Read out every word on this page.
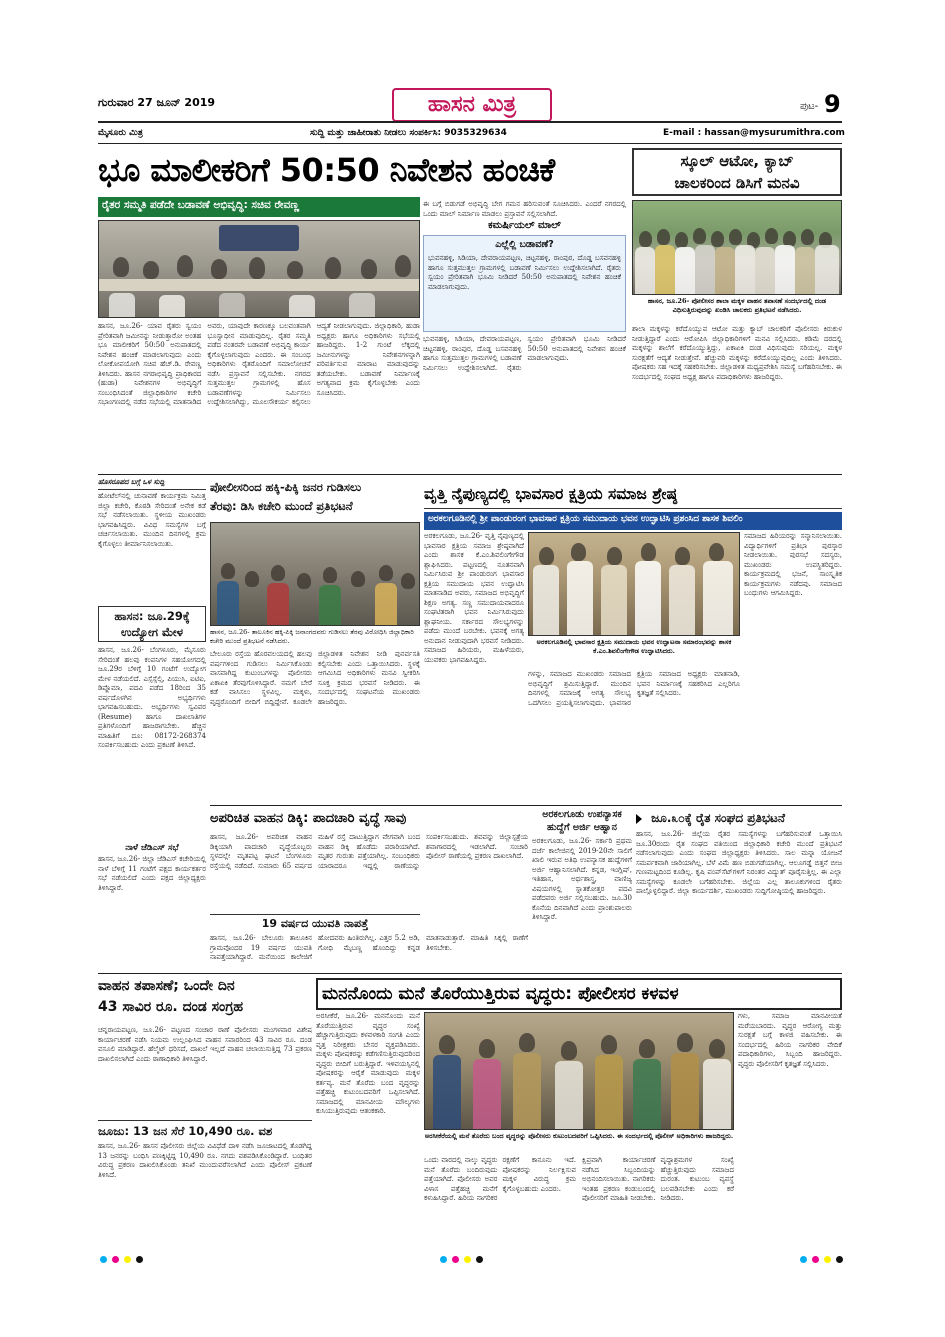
ಗುರುವಾರ 27 ಜೂನ್ 2019	ಹಾಸನ ಮಿತ್ರ	ಪುಟ- 9
ಮೈಸೂರು ಮಿತ್ರ	ಸುದ್ದಿ ಮತ್ತು ಜಾಹೀರಾತು ನೀಡಲು ಸಂಪರ್ಕಿಸಿ: 9035329634	E-mail : hassan@mysurumithra.com
ಭೂ ಮಾಲೀಕರಿಗೆ 50:50 ನಿವೇಶನ ಹಂಚಿಕೆ
ರೈತರ ಸಮ್ಮತಿ ಪಡೆದೇ ಬಡಾವಣೆ ಅಭಿವೃದ್ಧಿ: ಸಚಿವ ರೇವಣ್ಣ
ಹಾಸನ, ಜೂ.26- ಯಾವ ರೈತರು ಸ್ವಯಂ ಪ್ರೇರಿತವಾಗಿ ಜಮೀನನ್ನು ನೀಡುತ್ತಾರೋ ಅಂತಹ ಭೂ ಮಾಲೀಕರಿಗೆ 50:50 ಅನುಪಾತದಲ್ಲಿ ನಿವೇಶನ ಹಂಚಿಕೆ ಮಾಡಲಾಗುವುದು ಎಂದು ಲೋಕೋಪಯೋಗಿ ಸಚಿವ ಹೆಚ್.ಡಿ. ರೇವಣ್ಣ ತಿಳಿಸಿದರು. ಹಾಸನ ನಗರಾಭಿವೃದ್ಧಿ ಪ್ರಾಧಿಕಾರದ (ಹುಡಾ) ನಿವೇಶನಗಳ ಅಭಿವೃದ್ಧಿಗೆ ಸಂಬಂಧಿಸಿದಂತೆ ಜಿಲ್ಲಾಧಿಕಾರಿಗಳ ಕಚೇರಿ ಸಭಾಂಗಣದಲ್ಲಿ ನಡೆದ ಸಭೆಯಲ್ಲಿ ಮಾತನಾಡಿದ ಅವರು, ಯಾವುದೇ ಕಾರಣಕ್ಕೂ ಬಲವಂತವಾಗಿ ಭೂಸ್ವಾಧೀನ ಮಾಡುವುದಿಲ್ಲ. ರೈತರ ಸಮ್ಮತಿ ಪಡೆದ ನಂತರವೇ ಬಡಾವಣೆ ಅಭಿವೃದ್ಧಿ ಕಾರ್ಯ ಕೈಗೊಳ್ಳಲಾಗುವುದು ಎಂದರು. ಈ ಸಂಬಂಧ ಅಧಿಕಾರಿಗಳು ರೈತರೊಂದಿಗೆ ಸಮಾಲೋಚನೆ ನಡೆಸಿ ಪ್ರಸ್ತಾವನೆ ಸಲ್ಲಿಸಬೇಕು. ನಗರದ ಸುತ್ತಮುತ್ತಲ ಗ್ರಾಮಗಳಲ್ಲಿ ಹೊಸ ಬಡಾವಣೆಗಳನ್ನು ನಿರ್ಮಿಸಲು ಉದ್ದೇಶಿಸಲಾಗಿದ್ದು, ಮೂಲಸೌಕರ್ಯ ಕಲ್ಪಿಸಲು ಆದ್ಯತೆ ನೀಡಲಾಗುವುದು. ಜಿಲ್ಲಾಧಿಕಾರಿ, ಹುಡಾ ಅಧ್ಯಕ್ಷರು ಹಾಗೂ ಅಧಿಕಾರಿಗಳು ಸಭೆಯಲ್ಲಿ ಹಾಜರಿದ್ದರು. 1-2 ಗುಂಟೆ ಲೆಕ್ಕದಲ್ಲಿ ಜಮೀನುಗಳನ್ನು ನಿವೇಶನಗಳನ್ನಾಗಿ ಪರಿವರ್ತಿಸುವ ಮಾರಾಟ ಮಾಡುವುದನ್ನು ತಡೆಯಬೇಕು. ಬಡಾವಣೆ ನಿರ್ಮಾಣಕ್ಕೆ ಅಗತ್ಯವಾದ ಕ್ರಮ ಕೈಗೊಳ್ಳಬೇಕು ಎಂದು ಸೂಚಿಸಿದರು.
ಈ ಬಗ್ಗೆ ಬಿಡುಗಡೆ ಅಭಿವೃದ್ಧಿ ಬೇಗ ಗಮನ ಹರಿಸುವಂತೆ ಸೂಚಿಸಿದರು. ಎಂದರೆ ನಗರದಲ್ಲಿ ಒಂದು ಮಾಲ್ ನಿರ್ಮಾಣ ಮಾಡಲು ಪ್ರಸ್ತಾವನೆ ಸಲ್ಲಿಸಲಾಗಿದೆ.
ಕಮರ್ಷಿಯಲ್ ಮಾಲ್
ಎಲ್ಲೆಲ್ಲಿ ಬಡಾವಣೆ?
ಭುವನಹಳ್ಳಿ, ಸಿಡಿಯಾ, ದೇವರಾಯಪಟ್ಟಣ, ಚಿಟ್ಟನಹಳ್ಳಿ, ರಾಂಪುರ, ದೊಡ್ಡ ಬಸವನಹಳ್ಳಿ ಹಾಗೂ ಸುತ್ತಮುತ್ತಲ ಗ್ರಾಮಗಳಲ್ಲಿ ಬಡಾವಣೆ ನಿರ್ಮಿಸಲು ಉದ್ದೇಶಿಸಲಾಗಿದೆ. ರೈತರು ಸ್ವಯಂ ಪ್ರೇರಿತವಾಗಿ ಭೂಮಿ ನೀಡಿದರೆ 50:50 ಅನುಪಾತದಲ್ಲಿ ನಿವೇಶನ ಹಂಚಿಕೆ ಮಾಡಲಾಗುವುದು.
ಭುವನಹಳ್ಳಿ, ಸಿಡಿಯಾ, ದೇವರಾಯಪಟ್ಟಣ, ಚಿಟ್ಟನಹಳ್ಳಿ, ರಾಂಪುರ, ದೊಡ್ಡ ಬಸವನಹಳ್ಳಿ ಹಾಗೂ ಸುತ್ತಮುತ್ತಲ ಗ್ರಾಮಗಳಲ್ಲಿ ಬಡಾವಣೆ ನಿರ್ಮಿಸಲು ಉದ್ದೇಶಿಸಲಾಗಿದೆ. ರೈತರು ಸ್ವಯಂ ಪ್ರೇರಿತವಾಗಿ ಭೂಮಿ ನೀಡಿದರೆ 50:50 ಅನುಪಾತದಲ್ಲಿ ನಿವೇಶನ ಹಂಚಿಕೆ ಮಾಡಲಾಗುವುದು.
ಸ್ಕೂಲ್ ಆಟೋ, ಕ್ಯಾಬ್
ಚಾಲಕರಿಂದ ಡಿಸಿಗೆ ಮನವಿ
ಹಾಸನ, ಜೂ.26- ಪೋಲೀಸರ ಶಾಲಾ ಮಕ್ಕಳ ವಾಹನ ತಪಾಸಣೆ ಸಂದರ್ಭದಲ್ಲಿ ದಂಡ ವಿಧಿಸುತ್ತಿರುವುದನ್ನು ಖಂಡಿಸಿ ಚಾಲಕರು ಪ್ರತಿಭಟನೆ ನಡೆಸಿದರು.
ಶಾಲಾ ಮಕ್ಕಳನ್ನು ಕರೆದೊಯ್ಯುವ ಆಟೋ ಮತ್ತು ಕ್ಯಾಬ್ ಚಾಲಕರಿಗೆ ಪೊಲೀಸರು ಕಿರುಕುಳ ನೀಡುತ್ತಿದ್ದಾರೆ ಎಂದು ಆರೋಪಿಸಿ ಜಿಲ್ಲಾಧಿಕಾರಿಗಳಿಗೆ ಮನವಿ ಸಲ್ಲಿಸಿದರು. ಕಡಿಮೆ ದರದಲ್ಲಿ ಮಕ್ಕಳನ್ನು ಶಾಲೆಗೆ ಕರೆದೊಯ್ಯುತ್ತಿದ್ದು, ಏಕಾಏಕಿ ದಂಡ ವಿಧಿಸುವುದು ಸರಿಯಲ್ಲ. ಮಕ್ಕಳ ಸುರಕ್ಷತೆಗೆ ಆದ್ಯತೆ ನೀಡುತ್ತೇವೆ. ಹೆಚ್ಚುವರಿ ಮಕ್ಕಳನ್ನು ಕರೆದೊಯ್ಯುವುದಿಲ್ಲ ಎಂದು ತಿಳಿಸಿದರು. ಪೋಷಕರು ಸಹ ಇದಕ್ಕೆ ಸಹಕರಿಸಬೇಕು. ಜಿಲ್ಲಾಡಳಿತ ಮಧ್ಯಪ್ರವೇಶಿಸಿ ಸಮಸ್ಯೆ ಬಗೆಹರಿಸಬೇಕು. ಈ ಸಂದರ್ಭದಲ್ಲಿ ಸಂಘದ ಅಧ್ಯಕ್ಷ ಹಾಗೂ ಪದಾಧಿಕಾರಿಗಳು ಹಾಜರಿದ್ದರು.
ಹೊಸರೂಪದ ಬಗ್ಗೆ ಒಳ ಸುದ್ದಿ
ಹೋಟೆಲ್‌ನಲ್ಲಿ ಚುನಾವಣೆ ಕಾರ್ಯಕ್ರಮ ನಿಮಿತ್ತ ಜಿಲ್ಲಾ ಕಚೇರಿ, ಕೊಠಡಿ ಸೇರಿದಂತೆ ಅನೇಕ ಕಡೆ ಸಭೆ ನಡೆಸಲಾಯಿತು. ಸ್ಥಳೀಯ ಮುಖಂಡರು ಭಾಗವಹಿಸಿದ್ದರು. ವಿವಿಧ ಸಮಸ್ಯೆಗಳ ಬಗ್ಗೆ ಚರ್ಚಿಸಲಾಯಿತು. ಮುಂದಿನ ದಿನಗಳಲ್ಲಿ ಕ್ರಮ ಕೈಗೊಳ್ಳಲು ತೀರ್ಮಾನಿಸಲಾಯಿತು.
ಹಾಸನ: ಜೂ.29ಕ್ಕೆ ಉದ್ಯೋಗ ಮೇಳ
ಹಾಸನ, ಜೂ.26- ಬೆಂಗಳೂರು, ಮೈಸೂರು ಸೇರಿದಂತೆ ಹಲವು ಕಂಪನಿಗಳ ಸಹಯೋಗದಲ್ಲಿ ಜೂ.29ರ ಬೆಳಿಗ್ಗೆ 10 ಗಂಟೆಗೆ ಉದ್ಯೋಗ ಮೇಳ ನಡೆಯಲಿದೆ. ಎಸ್ಸೆಸ್ಸೆಲ್ಸಿ, ಪಿಯುಸಿ, ಐಟಿಐ, ಡಿಪ್ಲೊಮಾ, ಪದವಿ ಪಡೆದ 18ರಿಂದ 35 ವರ್ಷದೊಳಗಿನ ಅಭ್ಯರ್ಥಿಗಳು ಭಾಗವಹಿಸಬಹುದು. ಅಭ್ಯರ್ಥಿಗಳು ಸ್ವವಿವರ (Resume) ಹಾಗೂ ದಾಖಲಾತಿಗಳ ಪ್ರತಿಗಳೊಂದಿಗೆ ಹಾಜರಾಗಬೇಕು. ಹೆಚ್ಚಿನ ಮಾಹಿತಿಗೆ ದೂ: 08172-268374 ಸಂಪರ್ಕಿಸಬಹುದು ಎಂದು ಪ್ರಕಟಣೆ ತಿಳಿಸಿದೆ.
ನಾಳೆ ಜೆಡಿಎಸ್ ಸಭೆ
ಹಾಸನ, ಜೂ.26- ಜಿಲ್ಲಾ ಜೆಡಿಎಸ್ ಕಚೇರಿಯಲ್ಲಿ ನಾಳೆ ಬೆಳಿಗ್ಗೆ 11 ಗಂಟೆಗೆ ಪಕ್ಷದ ಕಾರ್ಯಕರ್ತರ ಸಭೆ ನಡೆಯಲಿದೆ ಎಂದು ಪಕ್ಷದ ಜಿಲ್ಲಾಧ್ಯಕ್ಷರು ತಿಳಿಸಿದ್ದಾರೆ.
ಪೋಲೀಸರಿಂದ ಹಕ್ಕಿ-ಪಿಕ್ಕಿ ಜನರ ಗುಡಿಸಲು
ತೆರವು: ಡಿಸಿ ಕಚೇರಿ ಮುಂದೆ ಪ್ರತಿಭಟನೆ
ಹಾಸನ, ಜೂ.26- ತಾಲೂಕಿನ ಹಕ್ಕಿ-ಪಿಕ್ಕಿ ಜನಾಂಗದವರು ಗುಡಿಸಲು ತೆರವು ವಿರೋಧಿಸಿ ಜಿಲ್ಲಾಧಿಕಾರಿ ಕಚೇರಿ ಮುಂದೆ ಪ್ರತಿಭಟನೆ ನಡೆಸಿದರು.
ವೃತ್ತಿ ನೈಪುಣ್ಯದಲ್ಲಿ ಭಾವಸಾರ ಕ್ಷತ್ರಿಯ ಸಮಾಜ ಶ್ರೇಷ್ಠ
ಅರಕಲಗೂಡಿನಲ್ಲಿ ಶ್ರೀ ಪಾಂಡುರಂಗ ಭಾವಸಾರ ಕ್ಷತ್ರಿಯ ಸಮುದಾಯ ಭವನ ಉದ್ಘಾಟಿಸಿ ಪ್ರಶಂಸಿದ ಶಾಸಕ ಶಿವಲಿಂ
ಅರಕಲಗೂಡು, ಜೂ.26- ವೃತ್ತಿ ನೈಪುಣ್ಯದಲ್ಲಿ ಭಾವಸಾರ ಕ್ಷತ್ರಿಯ ಸಮಾಜ ಶ್ರೇಷ್ಠವಾಗಿದೆ ಎಂದು ಶಾಸಕ ಕೆ.ಎಂ.ಶಿವಲಿಂಗೇಗೌಡ ಶ್ಲಾಘಿಸಿದರು. ಪಟ್ಟಣದಲ್ಲಿ ನೂತನವಾಗಿ ನಿರ್ಮಿಸಿರುವ ಶ್ರೀ ಪಾಂಡುರಂಗ ಭಾವಸಾರ ಕ್ಷತ್ರಿಯ ಸಮುದಾಯ ಭವನ ಉದ್ಘಾಟಿಸಿ ಮಾತನಾಡಿದ ಅವರು, ಸಮಾಜದ ಅಭಿವೃದ್ಧಿಗೆ ಶಿಕ್ಷಣ ಅಗತ್ಯ. ಸಣ್ಣ ಸಮುದಾಯವಾದರೂ ಸಂಘಟಿತರಾಗಿ ಭವನ ನಿರ್ಮಿಸಿರುವುದು ಶ್ಲಾಘನೀಯ. ಸರ್ಕಾರದ ಸೌಲಭ್ಯಗಳನ್ನು ಪಡೆದು ಮುಂದೆ ಬರಬೇಕು. ಭವನಕ್ಕೆ ಅಗತ್ಯ ಅನುದಾನ ನೀಡುವುದಾಗಿ ಭರವಸೆ ನೀಡಿದರು. ಸಮಾಜದ ಹಿರಿಯರು, ಮಹಿಳೆಯರು, ಯುವಕರು ಭಾಗವಹಿಸಿದ್ದರು.
ಅರಕಲಗೂಡಿನಲ್ಲಿ ಭಾವಸಾರ ಕ್ಷತ್ರಿಯ ಸಮುದಾಯ ಭವನ ಉದ್ಘಾಟನಾ ಸಮಾರಂಭವನ್ನು ಶಾಸಕ ಕೆ.ಎಂ.ಶಿವಲಿಂಗೇಗೌಡ ಉದ್ಘಾಟಿಸಿದರು.
ಗಳನ್ನು, ಸಮಾಜದ ಮುಖಂಡರು ಸಮಾಜದ ಅಭಿವೃದ್ಧಿಗೆ ಶ್ರಮಿಸುತ್ತಿದ್ದಾರೆ. ಮುಂದಿನ ದಿನಗಳಲ್ಲಿ ಸಮಾಜಕ್ಕೆ ಅಗತ್ಯ ಸೌಲಭ್ಯ ಒದಗಿಸಲು ಪ್ರಯತ್ನಿಸಲಾಗುವುದು. ಭಾವಸಾರ ಕ್ಷತ್ರಿಯ ಸಮಾಜದ ಅಧ್ಯಕ್ಷರು ಮಾತನಾಡಿ, ಭವನ ನಿರ್ಮಾಣಕ್ಕೆ ಸಹಕರಿಸಿದ ಎಲ್ಲರಿಗೂ ಕೃತಜ್ಞತೆ ಸಲ್ಲಿಸಿದರು.
ಸಮಾಜದ ಹಿರಿಯರನ್ನು ಸನ್ಮಾನಿಸಲಾಯಿತು. ವಿದ್ಯಾರ್ಥಿಗಳಿಗೆ ಪ್ರತಿಭಾ ಪುರಸ್ಕಾರ ನೀಡಲಾಯಿತು. ಪುರಸಭೆ ಸದಸ್ಯರು, ಮುಖಂಡರು ಉಪಸ್ಥಿತರಿದ್ದರು. ಕಾರ್ಯಕ್ರಮದಲ್ಲಿ ಭಜನೆ, ಸಾಂಸ್ಕೃತಿಕ ಕಾರ್ಯಕ್ರಮಗಳು ನಡೆದವು. ಸಮಾಜದ ಬಂಧುಗಳು ಆಗಮಿಸಿದ್ದರು.
ಬೇಲೂರು ರಸ್ತೆಯ ಹೊರವಲಯದಲ್ಲಿ ಹಲವು ವರ್ಷಗಳಿಂದ ಗುಡಿಸಲು ನಿರ್ಮಿಸಿಕೊಂಡು ವಾಸವಾಗಿದ್ದ ಕುಟುಂಬಗಳನ್ನು ಪೊಲೀಸರು ಏಕಾಏಕಿ ತೆರವುಗೊಳಿಸಿದ್ದಾರೆ. ನಮಗೆ ಬೇರೆ ಕಡೆ ವಾಸಿಸಲು ಸ್ಥಳವಿಲ್ಲ. ಮಕ್ಕಳು, ವೃದ್ಧರೊಂದಿಗೆ ಬೀದಿಗೆ ಬಿದ್ದಿದ್ದೇವೆ. ಕೂಡಲೇ ಜಿಲ್ಲಾಡಳಿತ ನಿವೇಶನ ನೀಡಿ ಪುನರ್ವಸತಿ ಕಲ್ಪಿಸಬೇಕು ಎಂದು ಒತ್ತಾಯಿಸಿದರು. ಸ್ಥಳಕ್ಕೆ ಆಗಮಿಸಿದ ಅಧಿಕಾರಿಗಳು ಮನವಿ ಸ್ವೀಕರಿಸಿ ಸೂಕ್ತ ಕ್ರಮದ ಭರವಸೆ ನೀಡಿದರು. ಈ ಸಂದರ್ಭದಲ್ಲಿ ಸಂಘಟನೆಯ ಮುಖಂಡರು ಹಾಜರಿದ್ದರು.
ಅಪರಿಚಿತ ವಾಹನ ಡಿಕ್ಕಿ: ಪಾದಚಾರಿ ವೃದ್ಧೆ ಸಾವು
ಹಾಸನ, ಜೂ.26- ಅಪರಿಚಿತ ವಾಹನ ಡಿಕ್ಕಿಯಾಗಿ ಪಾದಚಾರಿ ವೃದ್ಧೆಯೊಬ್ಬರು ಸ್ಥಳದಲ್ಲೇ ಮೃತಪಟ್ಟ ಘಟನೆ ಬೆಂಗಳೂರು ರಸ್ತೆಯಲ್ಲಿ ನಡೆದಿದೆ. ಸುಮಾರು 65 ವರ್ಷದ ಮಹಿಳೆ ರಸ್ತೆ ದಾಟುತ್ತಿದ್ದಾಗ ವೇಗವಾಗಿ ಬಂದ ವಾಹನ ಡಿಕ್ಕಿ ಹೊಡೆದು ಪರಾರಿಯಾಗಿದೆ. ಮೃತರ ಗುರುತು ಪತ್ತೆಯಾಗಿಲ್ಲ. ಸಂಬಂಧಿಕರು ಯಾರಾದರೂ ಇದ್ದಲ್ಲಿ ಠಾಣೆಯನ್ನು ಸಂಪರ್ಕಿಸಬಹುದು. ಶವವನ್ನು ಜಿಲ್ಲಾಸ್ಪತ್ರೆಯ ಶವಾಗಾರದಲ್ಲಿ ಇಡಲಾಗಿದೆ. ಸಂಚಾರಿ ಪೊಲೀಸ್ ಠಾಣೆಯಲ್ಲಿ ಪ್ರಕರಣ ದಾಖಲಾಗಿದೆ.
19 ವರ್ಷದ ಯುವತಿ ನಾಪತ್ತೆ
ಹಾಸನ, ಜೂ.26- ಬೇಲೂರು ತಾಲೂಕಿನ ಗ್ರಾಮವೊಂದರ 19 ವರ್ಷದ ಯುವತಿ ನಾಪತ್ತೆಯಾಗಿದ್ದಾರೆ. ಮನೆಯಿಂದ ಕಾಲೇಜಿಗೆ ಹೋದವರು ಹಿಂತಿರುಗಿಲ್ಲ. ಎತ್ತರ 5.2 ಅಡಿ, ಗೋಧಿ ಮೈಬಣ್ಣ ಹೊಂದಿದ್ದು ಕನ್ನಡ ಮಾತನಾಡುತ್ತಾರೆ. ಮಾಹಿತಿ ಸಿಕ್ಕಲ್ಲಿ ಠಾಣೆಗೆ ತಿಳಿಸಬೇಕು.
ಅರಕಲಗೂಡು ಉಪನ್ಯಾಸಕ ಹುದ್ದೆಗೆ ಅರ್ಜಿ ಆಹ್ವಾನ
ಅರಕಲಗೂಡು, ಜೂ.26- ಸರ್ಕಾರಿ ಪ್ರಥಮ ದರ್ಜೆ ಕಾಲೇಜಿನಲ್ಲಿ 2019-20ನೇ ಸಾಲಿಗೆ ಖಾಲಿ ಇರುವ ಅತಿಥಿ ಉಪನ್ಯಾಸಕ ಹುದ್ದೆಗಳಿಗೆ ಅರ್ಜಿ ಆಹ್ವಾನಿಸಲಾಗಿದೆ. ಕನ್ನಡ, ಇಂಗ್ಲಿಷ್, ಇತಿಹಾಸ, ಅರ್ಥಶಾಸ್ತ್ರ, ವಾಣಿಜ್ಯ ವಿಷಯಗಳಲ್ಲಿ ಸ್ನಾತಕೋತ್ತರ ಪದವಿ ಪಡೆದವರು ಅರ್ಜಿ ಸಲ್ಲಿಸಬಹುದು. ಜೂ.30 ಕೊನೆಯ ದಿನವಾಗಿದೆ ಎಂದು ಪ್ರಾಂಶುಪಾಲರು ತಿಳಿಸಿದ್ದಾರೆ.
ಜೂ.೩೦ಕ್ಕೆ ರೈತ ಸಂಘದ ಪ್ರತಿಭಟನೆ
ಹಾಸನ, ಜೂ.26- ಜಿಲ್ಲೆಯ ರೈತರ ಸಮಸ್ಯೆಗಳನ್ನು ಬಗೆಹರಿಸುವಂತೆ ಒತ್ತಾಯಿಸಿ ಜೂ.30ರಂದು ರೈತ ಸಂಘದ ವತಿಯಿಂದ ಜಿಲ್ಲಾಧಿಕಾರಿ ಕಚೇರಿ ಮುಂದೆ ಪ್ರತಿಭಟನೆ ನಡೆಸಲಾಗುವುದು ಎಂದು ಸಂಘದ ಜಿಲ್ಲಾಧ್ಯಕ್ಷರು ತಿಳಿಸಿದರು. ಸಾಲ ಮನ್ನಾ ಯೋಜನೆ ಸಮರ್ಪಕವಾಗಿ ಜಾರಿಯಾಗಿಲ್ಲ. ಬೆಳೆ ವಿಮೆ ಹಣ ಬಿಡುಗಡೆಯಾಗಿಲ್ಲ. ಆಲೂಗಡ್ಡೆ ಬಿತ್ತನೆ ಬೀಜ ಗುಣಮಟ್ಟದಿಂದ ಕೂಡಿಲ್ಲ. ಕೃಷಿ ಪಂಪ್‌ಸೆಟ್‌ಗಳಿಗೆ ನಿರಂತರ ವಿದ್ಯುತ್ ಪೂರೈಸುತ್ತಿಲ್ಲ. ಈ ಎಲ್ಲಾ ಸಮಸ್ಯೆಗಳನ್ನು ಕೂಡಲೇ ಬಗೆಹರಿಸಬೇಕು. ಜಿಲ್ಲೆಯ ಎಲ್ಲ ತಾಲೂಕುಗಳಿಂದ ರೈತರು ಪಾಲ್ಗೊಳ್ಳಲಿದ್ದಾರೆ. ಜಿಲ್ಲಾ ಕಾರ್ಯದರ್ಶಿ, ಮುಖಂಡರು ಸುದ್ದಿಗೋಷ್ಠಿಯಲ್ಲಿ ಹಾಜರಿದ್ದರು.
ವಾಹನ ತಪಾಸಣೆ; ಒಂದೇ ದಿನ
43 ಸಾವಿರ ರೂ. ದಂಡ ಸಂಗ್ರಹ
ಚನ್ನರಾಯಪಟ್ಟಣ, ಜೂ.26- ಪಟ್ಟಣದ ಸಂಚಾರ ಠಾಣೆ ಪೊಲೀಸರು ಮಂಗಳವಾರ ವಿಶೇಷ ಕಾರ್ಯಾಚರಣೆ ನಡೆಸಿ ನಿಯಮ ಉಲ್ಲಂಘಿಸಿದ ವಾಹನ ಸವಾರರಿಂದ 43 ಸಾವಿರ ರೂ. ದಂಡ ವಸೂಲಿ ಮಾಡಿದ್ದಾರೆ. ಹೆಲ್ಮೆಟ್ ಧರಿಸದೆ, ದಾಖಲೆ ಇಲ್ಲದೆ ವಾಹನ ಚಲಾಯಿಸುತ್ತಿದ್ದ 73 ಪ್ರಕರಣ ದಾಖಲಿಸಲಾಗಿದೆ ಎಂದು ಠಾಣಾಧಿಕಾರಿ ತಿಳಿಸಿದ್ದಾರೆ.
ಜೂಜು: 13 ಜನ ಸೆರೆ 10,490 ರೂ. ವಶ
ಹಾಸನ, ಜೂ.26- ಹಾಸನ ಪೊಲೀಸರು ಜಿಲ್ಲೆಯ ವಿವಿಧೆಡೆ ದಾಳಿ ನಡೆಸಿ ಜೂಜಾಟದಲ್ಲಿ ತೊಡಗಿದ್ದ 13 ಜನರನ್ನು ಬಂಧಿಸಿ ಪಣಕ್ಕಿಟ್ಟಿದ್ದ 10,490 ರೂ. ನಗದು ವಶಪಡಿಸಿಕೊಂಡಿದ್ದಾರೆ. ಬಂಧಿತರ ವಿರುದ್ಧ ಪ್ರಕರಣ ದಾಖಲಿಸಿಕೊಂಡು ತನಿಖೆ ಮುಂದುವರೆಸಲಾಗಿದೆ ಎಂದು ಪೊಲೀಸ್ ಪ್ರಕಟಣೆ ತಿಳಿಸಿದೆ.
ಮನನೊಂದು ಮನೆ ತೊರೆಯುತ್ತಿರುವ ವೃದ್ಧರು: ಪೋಲೀಸರ ಕಳವಳ
ಅರಸೀಕೆರೆ, ಜೂ.26- ಮನನೊಂದು ಮನೆ ತೊರೆಯುತ್ತಿರುವ ವೃದ್ಧರ ಸಂಖ್ಯೆ ಹೆಚ್ಚಾಗುತ್ತಿರುವುದು ಕಳವಳಕಾರಿ ಸಂಗತಿ ಎಂದು ವೃತ್ತ ನಿರೀಕ್ಷಕರು ಬೇಸರ ವ್ಯಕ್ತಪಡಿಸಿದರು. ಮಕ್ಕಳು ಪೋಷಕರನ್ನು ಕಡೆಗಣಿಸುತ್ತಿರುವುದರಿಂದ ವೃದ್ಧರು ಬೀದಿಗೆ ಬರುತ್ತಿದ್ದಾರೆ. ಇಳಿವಯಸ್ಸಿನಲ್ಲಿ ಪೋಷಕರನ್ನು ಆರೈಕೆ ಮಾಡುವುದು ಮಕ್ಕಳ ಕರ್ತವ್ಯ. ಮನೆ ತೊರೆದು ಬಂದ ವೃದ್ಧರನ್ನು ಪತ್ತೆಹಚ್ಚಿ ಕುಟುಂಬದವರಿಗೆ ಒಪ್ಪಿಸಲಾಗಿದೆ. ಸಮಾಜದಲ್ಲಿ ಮಾನವೀಯ ಮೌಲ್ಯಗಳು ಕುಸಿಯುತ್ತಿರುವುದು ಆತಂಕಕಾರಿ.
ಅರಸೀಕೆರೆಯಲ್ಲಿ ಮನೆ ತೊರೆದು ಬಂದ ವೃದ್ಧರನ್ನು ಪೊಲೀಸರು ಕುಟುಂಬದವರಿಗೆ ಒಪ್ಪಿಸಿದರು. ಈ ಸಂದರ್ಭದಲ್ಲಿ ಪೊಲೀಸ್ ಅಧಿಕಾರಿಗಳು ಹಾಜರಿದ್ದರು.
ಒಂದು ವಾರದಲ್ಲಿ ನಾಲ್ಕು ವೃದ್ಧರು ಮನೆ ತೊರೆದು ಬಂದಿರುವುದು ಪತ್ತೆಯಾಗಿದೆ. ಪೊಲೀಸರು ಅವರ ವಿಳಾಸ ಪತ್ತೆಹಚ್ಚಿ ಮನೆಗೆ ಕಳುಹಿಸಿದ್ದಾರೆ. ಹಿರಿಯ ನಾಗರಿಕರ ರಕ್ಷಣೆಗೆ ಕಾನೂನು ಇದೆ. ಪೋಷಕರನ್ನು ನಿರ್ಲಕ್ಷಿಸುವ ಮಕ್ಕಳ ವಿರುದ್ಧ ಕ್ರಮ ಕೈಗೊಳ್ಳಬಹುದು ಎಂದರು.
ಕ್ಷಿಪ್ರವಾಗಿ ಕಾರ್ಯಾಚರಣೆ ನಡೆಸಿದ ಸಿಬ್ಬಂದಿಯನ್ನು ಅಭಿನಂದಿಸಲಾಯಿತು. ನಾಗರಿಕರು ಇಂತಹ ಪ್ರಕರಣ ಕಂಡುಬಂದಲ್ಲಿ ಪೊಲೀಸರಿಗೆ ಮಾಹಿತಿ ನೀಡಬೇಕು. ವೃದ್ಧಾಶ್ರಮಗಳ ಸಂಖ್ಯೆ ಹೆಚ್ಚುತ್ತಿರುವುದು ಸಮಾಜದ ದುರಂತ. ಕುಟುಂಬ ವ್ಯವಸ್ಥೆ ಬಲಪಡಿಸಬೇಕು ಎಂದು ಕರೆ ನೀಡಿದರು.
ಗಳು, ಸಮಾಜ ಮಾನವೀಯತೆ ಮರೆಯಬಾರದು. ವೃದ್ಧರ ಆರೋಗ್ಯ ಮತ್ತು ಸುರಕ್ಷತೆ ಬಗ್ಗೆ ಕಾಳಜಿ ವಹಿಸಬೇಕು. ಈ ಸಂದರ್ಭದಲ್ಲಿ ಹಿರಿಯ ನಾಗರಿಕರ ವೇದಿಕೆ ಪದಾಧಿಕಾರಿಗಳು, ಸಿಬ್ಬಂದಿ ಹಾಜರಿದ್ದರು. ವೃದ್ಧರು ಪೊಲೀಸರಿಗೆ ಕೃತಜ್ಞತೆ ಸಲ್ಲಿಸಿದರು.
